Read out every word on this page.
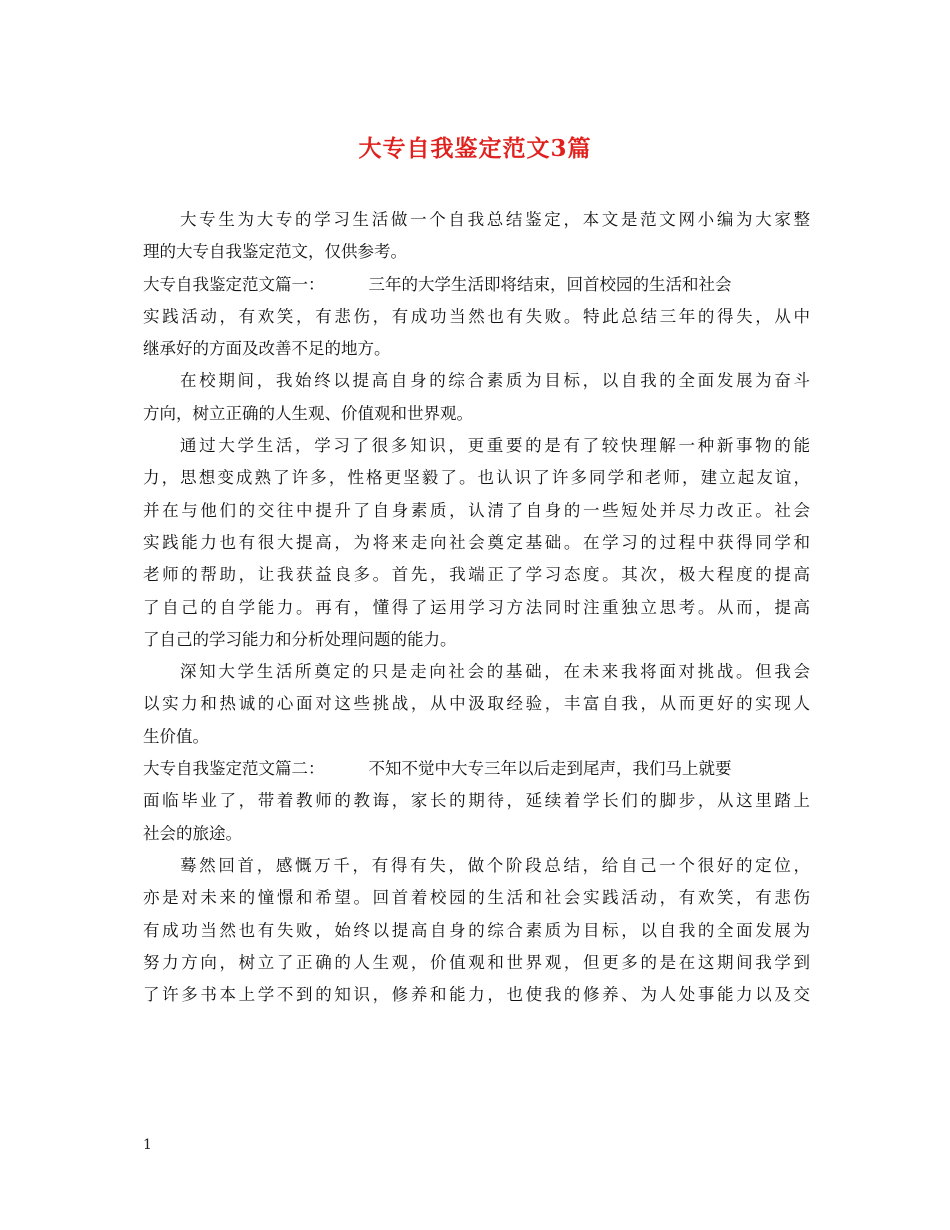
大专自我鉴定范文3篇
大专生为大专的学习生活做一个自我总结鉴定，本文是范文网小编为大家整
理的大专自我鉴定范文，仅供参考。
大专自我鉴定范文篇一：	三年的大学生活即将结束，回首校园的生活和社会
实践活动，有欢笑，有悲伤，有成功当然也有失败。特此总结三年的得失，从中
继承好的方面及改善不足的地方。
在校期间，我始终以提高自身的综合素质为目标，以自我的全面发展为奋斗
方向，树立正确的人生观、价值观和世界观。
通过大学生活，学习了很多知识，更重要的是有了较快理解一种新事物的能
力，思想变成熟了许多，性格更坚毅了。也认识了许多同学和老师，建立起友谊，
并在与他们的交往中提升了自身素质，认清了自身的一些短处并尽力改正。社会
实践能力也有很大提高，为将来走向社会奠定基础。在学习的过程中获得同学和
老师的帮助，让我获益良多。首先，我端正了学习态度。其次，极大程度的提高
了自己的自学能力。再有，懂得了运用学习方法同时注重独立思考。从而，提高
了自己的学习能力和分析处理问题的能力。
深知大学生活所奠定的只是走向社会的基础，在未来我将面对挑战。但我会
以实力和热诚的心面对这些挑战，从中汲取经验，丰富自我，从而更好的实现人
生价值。
大专自我鉴定范文篇二：	不知不觉中大专三年以后走到尾声，我们马上就要
面临毕业了，带着教师的教诲，家长的期待，延续着学长们的脚步，从这里踏上
社会的旅途。
蓦然回首，感慨万千，有得有失，做个阶段总结，给自己一个很好的定位，
亦是对未来的憧憬和希望。回首着校园的生活和社会实践活动，有欢笑，有悲伤
有成功当然也有失败，始终以提高自身的综合素质为目标，以自我的全面发展为
努力方向，树立了正确的人生观，价值观和世界观，但更多的是在这期间我学到
了许多书本上学不到的知识，修养和能力，也使我的修养、为人处事能力以及交
1
